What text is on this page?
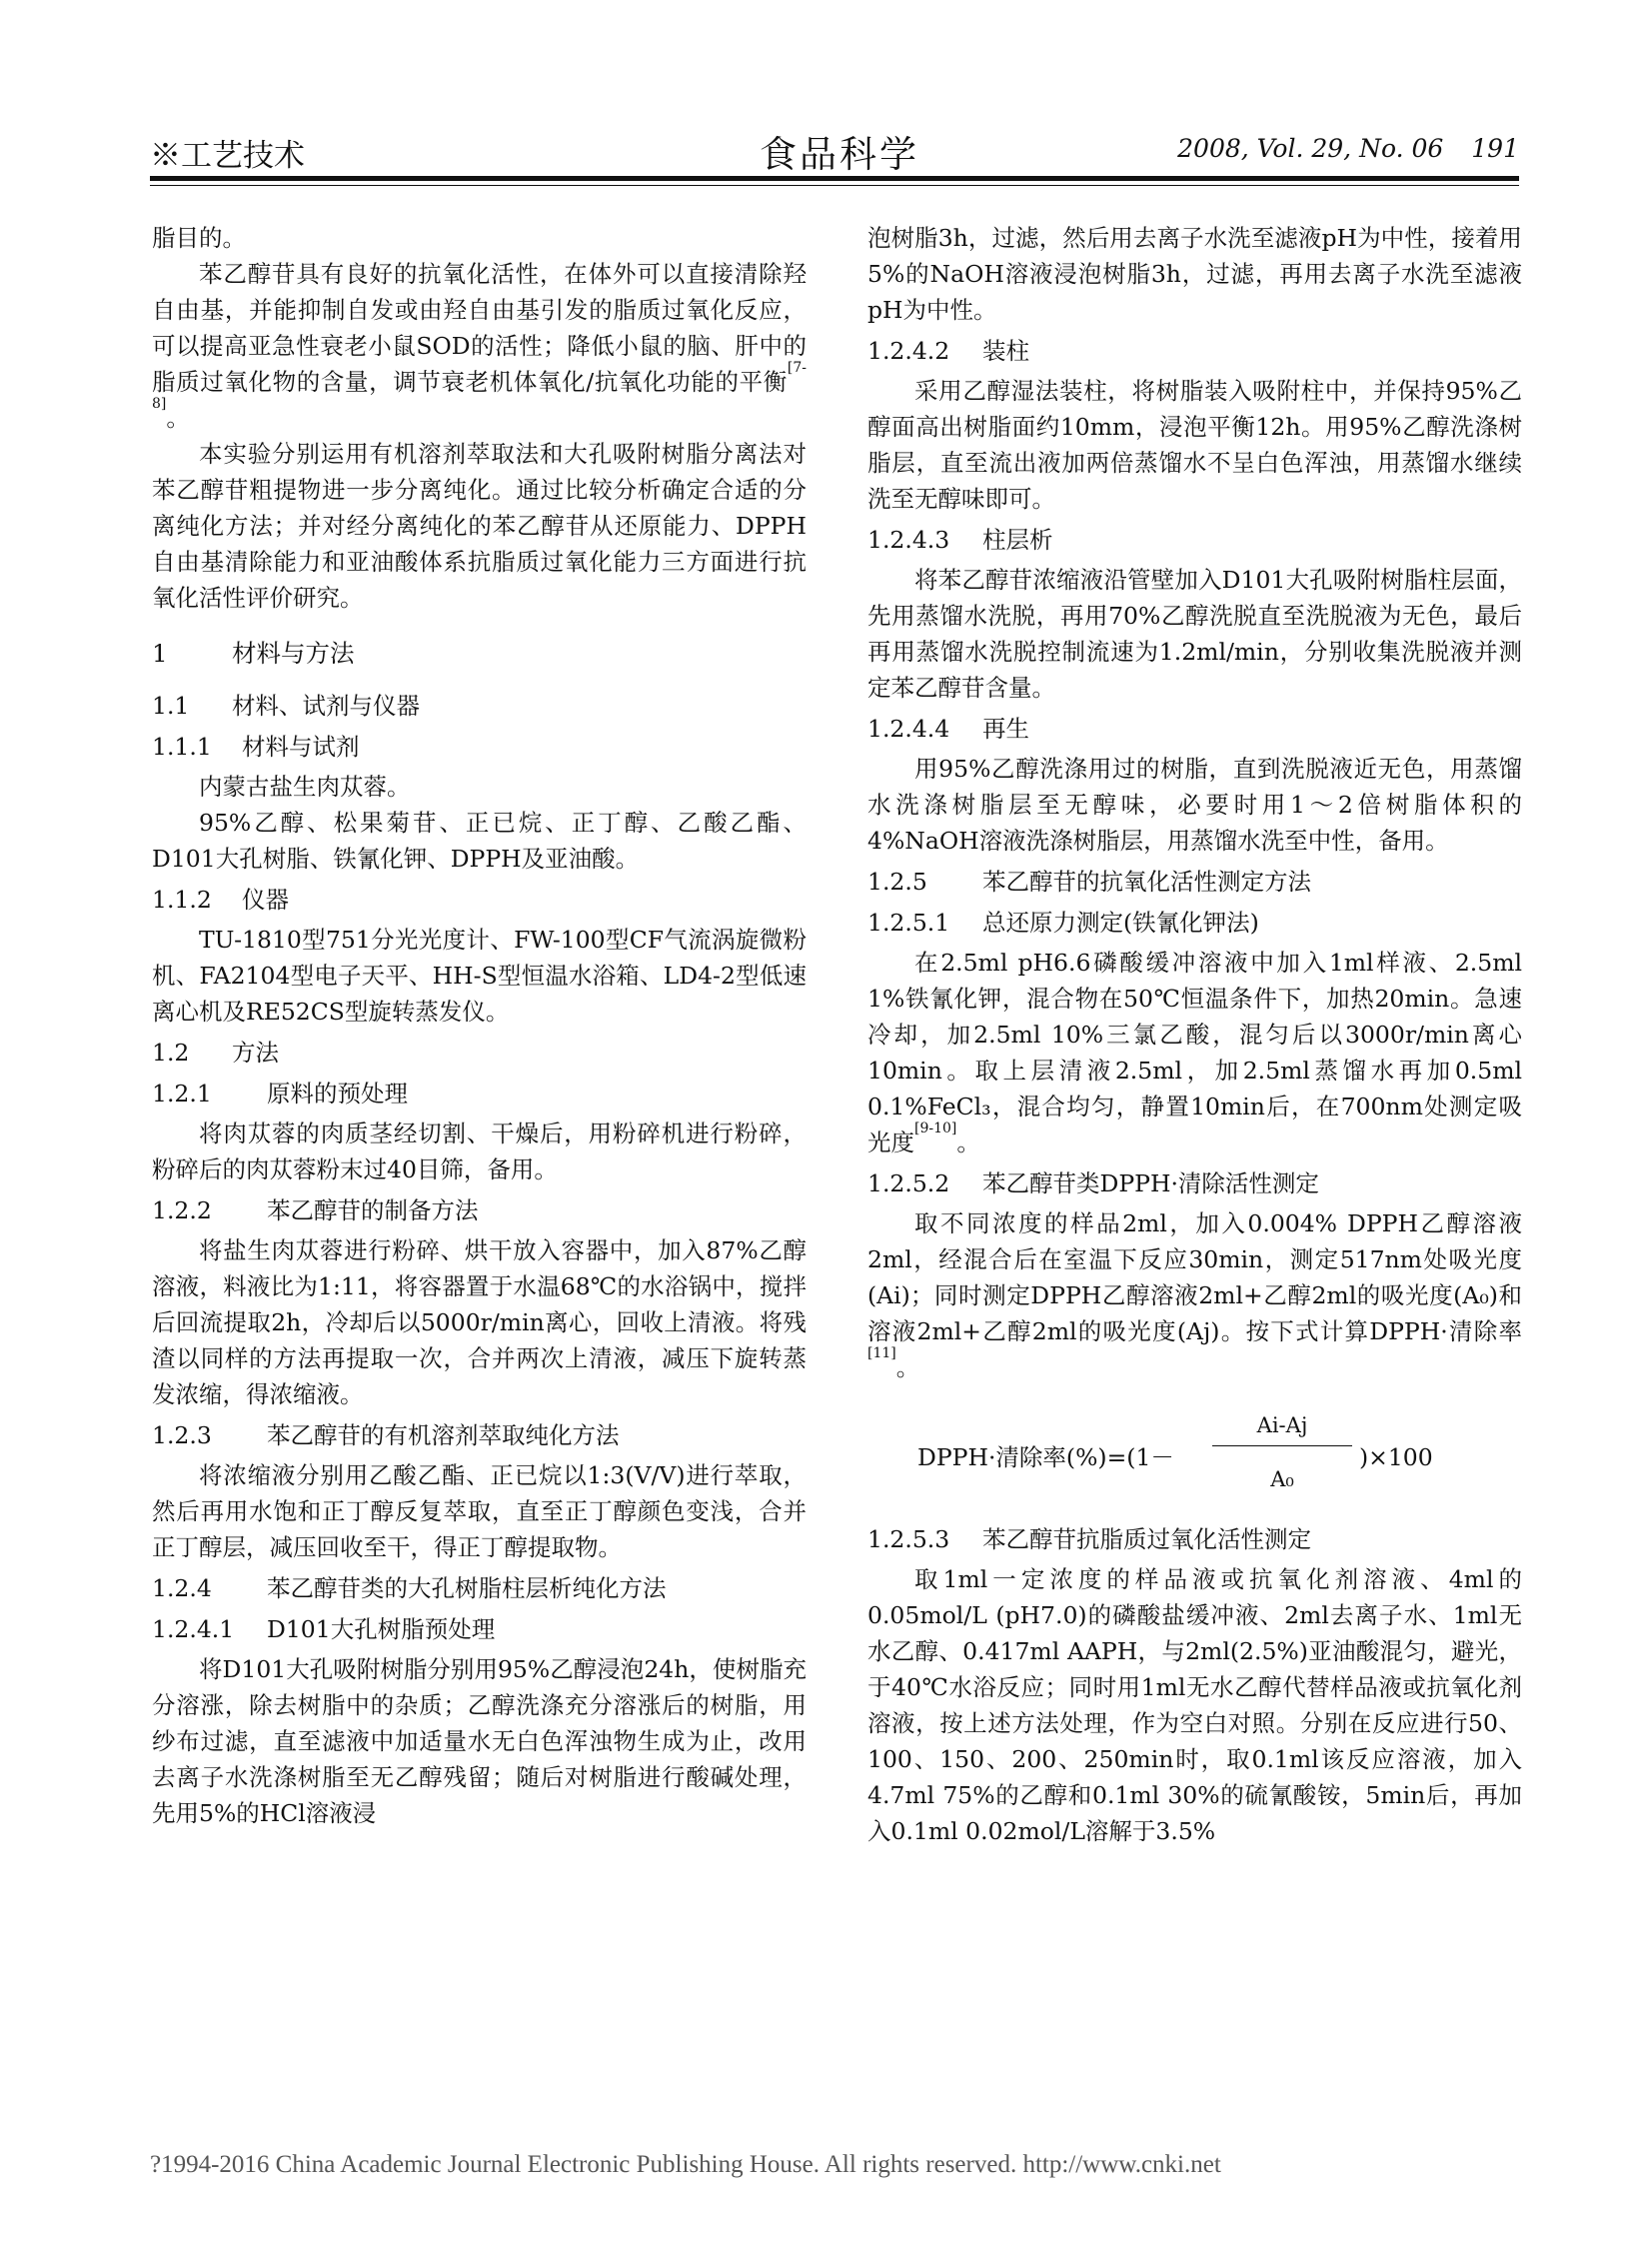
※工艺技术	食品科学	2008, Vol. 29, No. 06 191

脂目的。

苯乙醇苷具有良好的抗氧化活性，在体外可以直接清除羟自由基，并能抑制自发或由羟自由基引发的脂质过氧化反应，可以提高亚急性衰老小鼠SOD的活性；降低小鼠的脑、肝中的脂质过氧化物的含量，调节衰老机体氧化/抗氧化功能的平衡[7-8]。

本实验分别运用有机溶剂萃取法和大孔吸附树脂分离法对苯乙醇苷粗提物进一步分离纯化。通过比较分析确定合适的分离纯化方法；并对经分离纯化的苯乙醇苷从还原能力、DPPH自由基清除能力和亚油酸体系抗脂质过氧化能力三方面进行抗氧化活性评价研究。

1	材料与方法
1.1 材料、试剂与仪器
1.1.1 材料与试剂

内蒙古盐生肉苁蓉。

95%乙醇、松果菊苷、正已烷、正丁醇、乙酸乙酯、D101大孔树脂、铁氰化钾、DPPH及亚油酸。

1.1.2 仪器

TU-1810型751分光光度计、FW-100型CF气流涡旋微粉机、FA2104型电子天平、HH-S型恒温水浴箱、LD4-2型低速离心机及RE52CS型旋转蒸发仪。

1.2 方法
1.2.1 原料的预处理

将肉苁蓉的肉质茎经切割、干燥后，用粉碎机进行粉碎，粉碎后的肉苁蓉粉末过40目筛，备用。

1.2.2 苯乙醇苷的制备方法

将盐生肉苁蓉进行粉碎、烘干放入容器中，加入87%乙醇溶液，料液比为1:11，将容器置于水温68℃的水浴锅中，搅拌后回流提取2h，冷却后以5000r/min离心，回收上清液。将残渣以同样的方法再提取一次，合并两次上清液，减压下旋转蒸发浓缩，得浓缩液。

1.2.3 苯乙醇苷的有机溶剂萃取纯化方法

将浓缩液分别用乙酸乙酯、正已烷以1:3(V/V)进行萃取，然后再用水饱和正丁醇反复萃取，直至正丁醇颜色变浅，合并正丁醇层，减压回收至干，得正丁醇提取物。

1.2.4 苯乙醇苷类的大孔树脂柱层析纯化方法
1.2.4.1 D101大孔树脂预处理

将D101大孔吸附树脂分别用95%乙醇浸泡24h，使树脂充分溶涨，除去树脂中的杂质；乙醇洗涤充分溶涨后的树脂，用纱布过滤，直至滤液中加适量水无白色浑浊物生成为止，改用去离子水洗涤树脂至无乙醇残留；随后对树脂进行酸碱处理，先用5%的HCl溶液浸

泡树脂3h，过滤，然后用去离子水洗至滤液pH为中性，接着用5%的NaOH溶液浸泡树脂3h，过滤，再用去离子水洗至滤液pH为中性。

1.2.4.2 装柱

采用乙醇湿法装柱，将树脂装入吸附柱中，并保持95%乙醇面高出树脂面约10mm，浸泡平衡12h。用95%乙醇洗涤树脂层，直至流出液加两倍蒸馏水不呈白色浑浊，用蒸馏水继续洗至无醇味即可。

1.2.4.3 柱层析

将苯乙醇苷浓缩液沿管壁加入D101大孔吸附树脂柱层面，先用蒸馏水洗脱，再用70%乙醇洗脱直至洗脱液为无色，最后再用蒸馏水洗脱控制流速为1.2ml/min，分别收集洗脱液并测定苯乙醇苷含量。

1.2.4.4 再生

用95%乙醇洗涤用过的树脂，直到洗脱液近无色，用蒸馏水洗涤树脂层至无醇味，必要时用1～2倍树脂体积的4%NaOH溶液洗涤树脂层，用蒸馏水洗至中性，备用。

1.2.5 苯乙醇苷的抗氧化活性测定方法
1.2.5.1 总还原力测定(铁氰化钾法)

在2.5ml pH6.6磷酸缓冲溶液中加入1ml样液、2.5ml 1%铁氰化钾，混合物在50℃恒温条件下，加热20min。急速冷却，加2.5ml 10%三氯乙酸，混匀后以3000r/min离心10min。取上层清液2.5ml，加2.5ml蒸馏水再加0.5ml 0.1%FeCl₃，混合均匀，静置10min后，在700nm处测定吸光度[9-10]。

1.2.5.2 苯乙醇苷类DPPH·清除活性测定

取不同浓度的样品2ml，加入0.004% DPPH乙醇溶液2ml，经混合后在室温下反应30min，测定517nm处吸光度(Ai)；同时测定DPPH乙醇溶液2ml+乙醇2ml的吸光度(A₀)和溶液2ml+乙醇2ml的吸光度(Aj)。按下式计算DPPH·清除率[11]。

DPPH·清除率(%)=(1－
Ai-Aj
A₀
)×100
1.2.5.3 苯乙醇苷抗脂质过氧化活性测定

取1ml一定浓度的样品液或抗氧化剂溶液、4ml的0.05mol/L (pH7.0)的磷酸盐缓冲液、2ml去离子水、1ml无水乙醇、0.417ml AAPH，与2ml(2.5%)亚油酸混匀，避光，于40℃水浴反应；同时用1ml无水乙醇代替样品液或抗氧化剂溶液，按上述方法处理，作为空白对照。分别在反应进行50、100、150、200、250min时，取0.1ml该反应溶液，加入4.7ml 75%的乙醇和0.1ml 30%的硫氰酸铵，5min后，再加入0.1ml 0.02mol/L溶解于3.5%

?1994-2016 China Academic Journal Electronic Publishing House. All rights reserved. http://www.cnki.net
